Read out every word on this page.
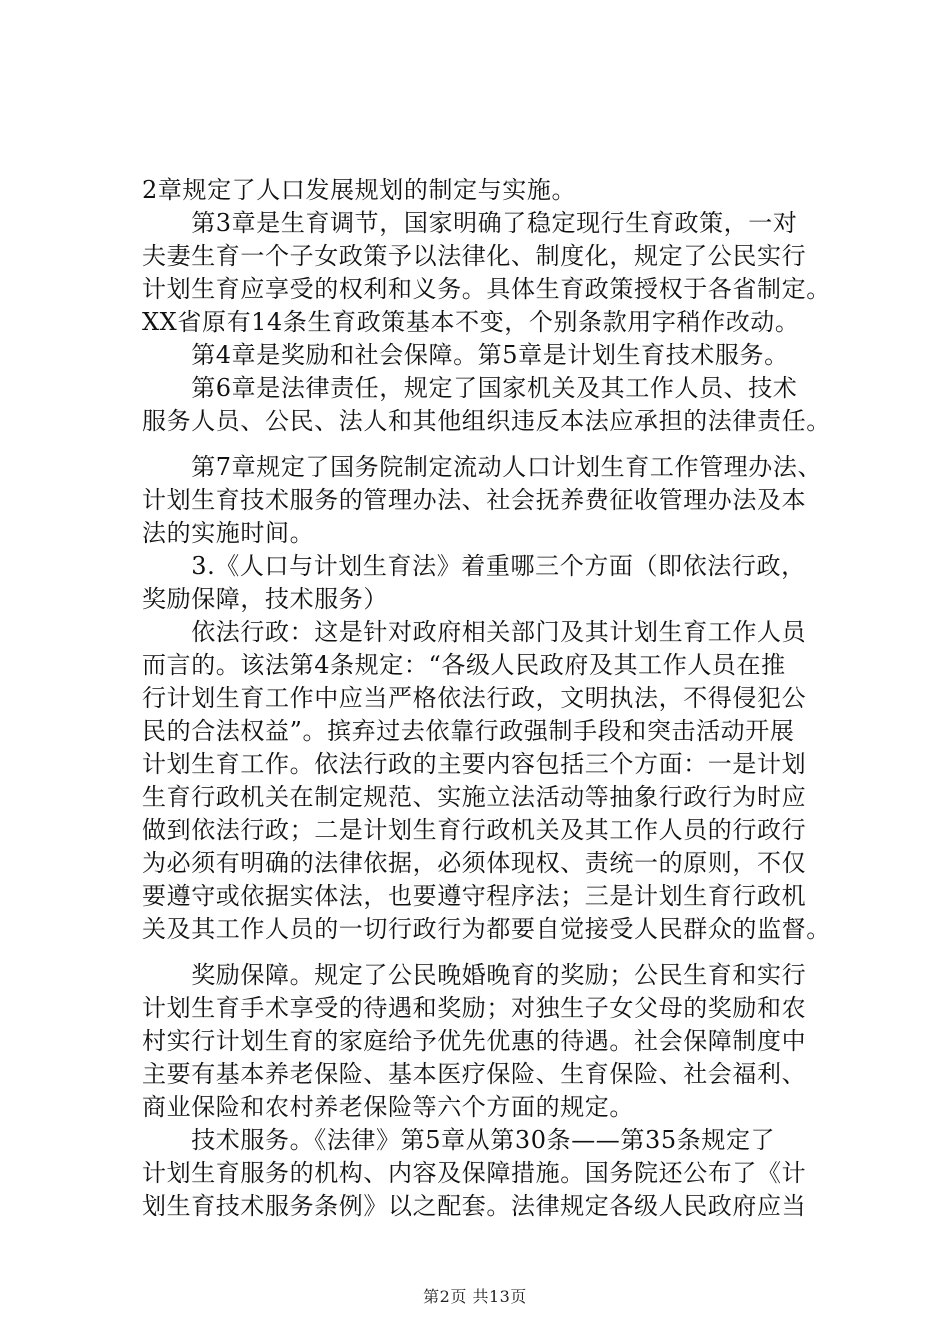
2章规定了人口发展规划的制定与实施。
　　第3章是生育调节，国家明确了稳定现行生育政策，一对
夫妻生育一个子女政策予以法律化、制度化，规定了公民实行
计划生育应享受的权利和义务。具体生育政策授权于各省制定。
XX省原有14条生育政策基本不变，个别条款用字稍作改动。
　　第4章是奖励和社会保障。第5章是计划生育技术服务。
　　第6章是法律责任，规定了国家机关及其工作人员、技术
服务人员、公民、法人和其他组织违反本法应承担的法律责任。
　　第7章规定了国务院制定流动人口计划生育工作管理办法、
计划生育技术服务的管理办法、社会抚养费征收管理办法及本
法的实施时间。
　　3.《人口与计划生育法》着重哪三个方面（即依法行政，
奖励保障，技术服务）
　　依法行政：这是针对政府相关部门及其计划生育工作人员
而言的。该法第4条规定：“各级人民政府及其工作人员在推
行计划生育工作中应当严格依法行政，文明执法，不得侵犯公
民的合法权益”。摈弃过去依靠行政强制手段和突击活动开展
计划生育工作。依法行政的主要内容包括三个方面：一是计划
生育行政机关在制定规范、实施立法活动等抽象行政行为时应
做到依法行政；二是计划生育行政机关及其工作人员的行政行
为必须有明确的法律依据，必须体现权、责统一的原则，不仅
要遵守或依据实体法，也要遵守程序法；三是计划生育行政机
关及其工作人员的一切行政行为都要自觉接受人民群众的监督。
　　奖励保障。规定了公民晚婚晚育的奖励；公民生育和实行
计划生育手术享受的待遇和奖励；对独生子女父母的奖励和农
村实行计划生育的家庭给予优先优惠的待遇。社会保障制度中
主要有基本养老保险、基本医疗保险、生育保险、社会福利、
商业保险和农村养老保险等六个方面的规定。
　　技术服务。《法律》第5章从第30条——第35条规定了
计划生育服务的机构、内容及保障措施。国务院还公布了《计
划生育技术服务条例》以之配套。法律规定各级人民政府应当
第2页 共13页
